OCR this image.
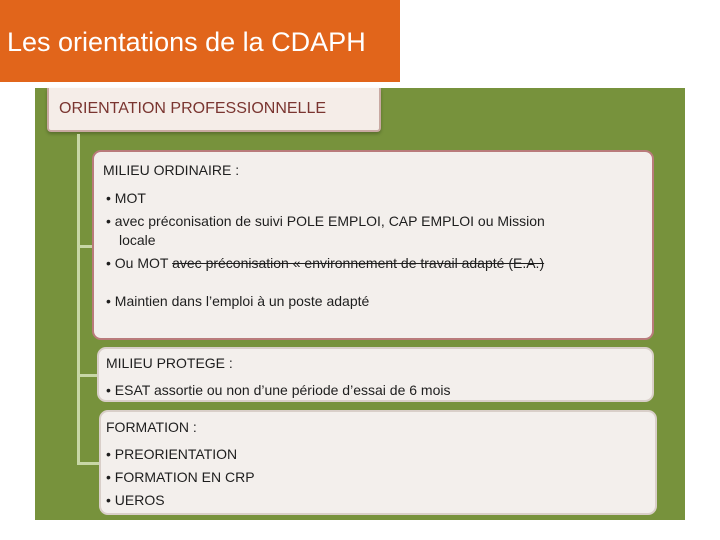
Les orientations de la CDAPH
ORIENTATION PROFESSIONNELLE
MILIEU ORDINAIRE :
• MOT
• avec préconisation de suivi POLE EMPLOI, CAP EMPLOI ou Mission
locale
• Ou MOT avec préconisation « environnement de travail adapté (E.A.)
• Maintien dans l’emploi à un poste adapté
MILIEU PROTEGE :
• ESAT assortie ou non d’une période d’essai de 6 mois
FORMATION :
• PREORIENTATION
• FORMATION EN CRP
• UEROS
